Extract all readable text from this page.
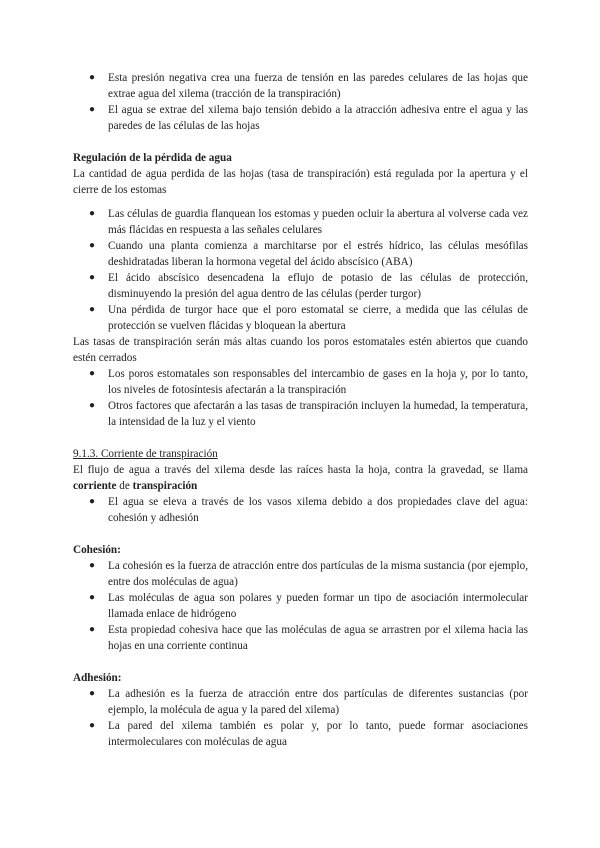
● Esta presión negativa crea una fuerza de tensión en las paredes celulares de las hojas que extrae agua del xilema (tracción de la transpiración)
● El agua se extrae del xilema bajo tensión debido a la atracción adhesiva entre el agua y las paredes de las células de las hojas
Regulación de la pérdida de agua
La cantidad de agua perdida de las hojas (tasa de transpiración) está regulada por la apertura y el cierre de los estomas
● Las células de guardia flanquean los estomas y pueden ocluir la abertura al volverse cada vez más flácidas en respuesta a las señales celulares
● Cuando una planta comienza a marchitarse por el estrés hídrico, las células mesófilas deshidratadas liberan la hormona vegetal del ácido abscísico (ABA)
● El ácido abscísico desencadena la eflujo de potasio de las células de protección, disminuyendo la presión del agua dentro de las células (perder turgor)
● Una pérdida de turgor hace que el poro estomatal se cierre, a medida que las células de protección se vuelven flácidas y bloquean la abertura
Las tasas de transpiración serán más altas cuando los poros estomatales estén abiertos que cuando estén cerrados
● Los poros estomatales son responsables del intercambio de gases en la hoja y, por lo tanto, los niveles de fotosíntesis afectarán a la transpiración
● Otros factores que afectarán a las tasas de transpiración incluyen la humedad, la temperatura, la intensidad de la luz y el viento
9.1.3. Corriente de transpiración
El flujo de agua a través del xilema desde las raíces hasta la hoja, contra la gravedad, se llama corriente de transpiración
● El agua se eleva a través de los vasos xilema debido a dos propiedades clave del agua: cohesión y adhesión
Cohesión:
● La cohesión es la fuerza de atracción entre dos partículas de la misma sustancia (por ejemplo, entre dos moléculas de agua)
● Las moléculas de agua son polares y pueden formar un tipo de asociación intermolecular llamada enlace de hidrógeno
● Esta propiedad cohesiva hace que las moléculas de agua se arrastren por el xilema hacia las hojas en una corriente continua
Adhesión:
● La adhesión es la fuerza de atracción entre dos partículas de diferentes sustancias (por ejemplo, la molécula de agua y la pared del xilema)
● La pared del xilema también es polar y, por lo tanto, puede formar asociaciones intermoleculares con moléculas de agua
